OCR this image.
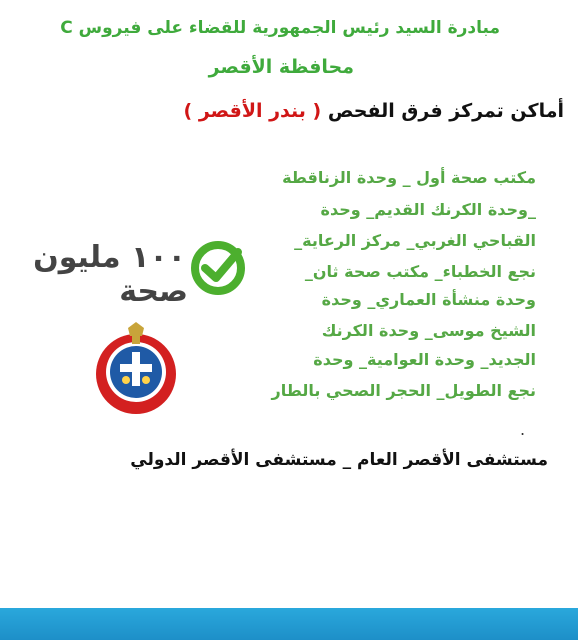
مبادرة السيد رئيس الجمهورية للقضاء على فيروس C
محافظة الأقصر
أماكن تمركز فرق الفحص ( بندر الأقصر )
مكتب صحة أول _ وحدة الزناقطة
_وحدة الكرنك القديم_ وحدة
القباحي الغربي_ مركز الرعاية_
نجع الخطباء_ مكتب صحة ثان_
وحدة منشأة العماري_ وحدة
الشيخ موسى_ وحدة الكرنك
الجديد_ وحدة العوامية_ وحدة
نجع الطويل_ الحجر الصحي بالطار
.
مستشفى الأقصر العام _ مستشفى الأقصر الدولي
١٠٠ مليون
صحة
